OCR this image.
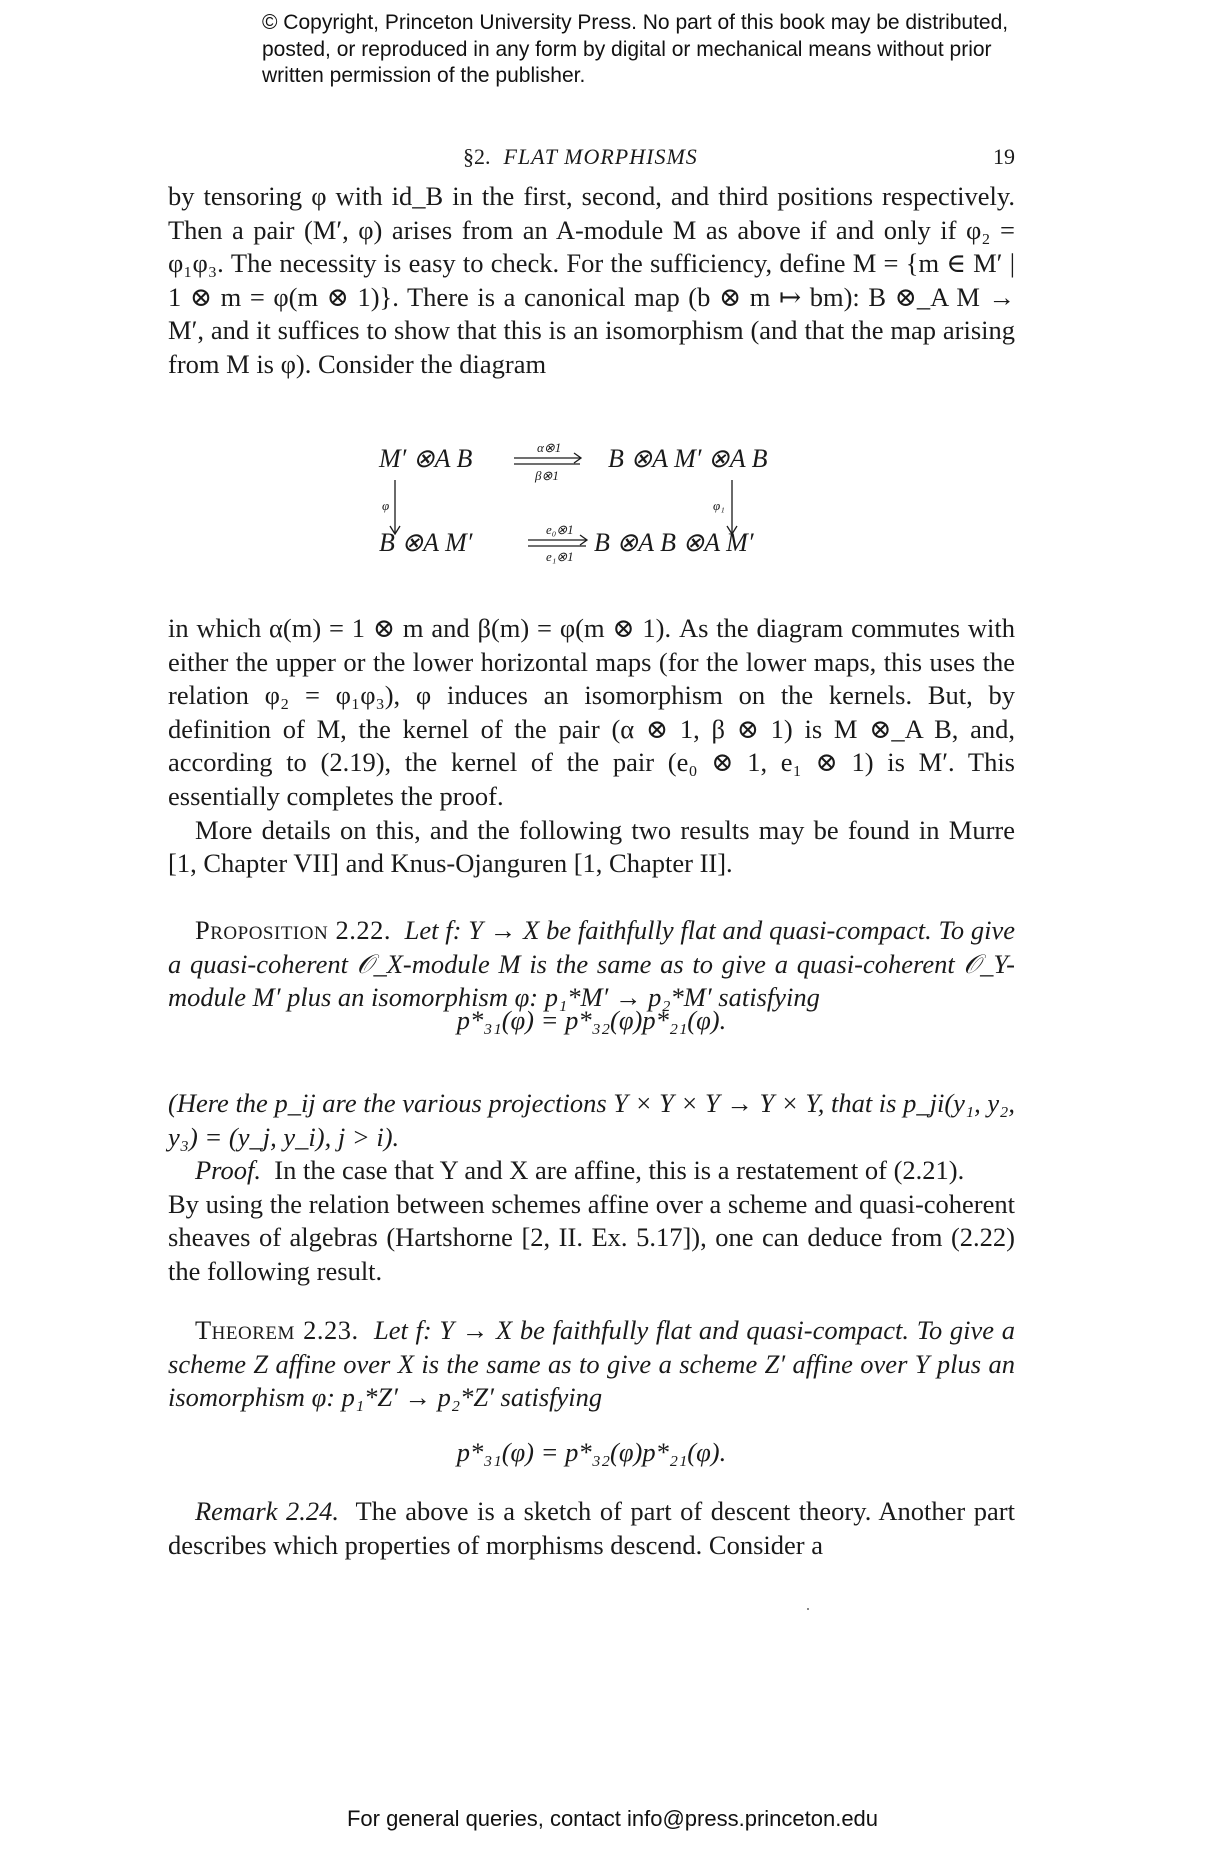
© Copyright, Princeton University Press. No part of this book may be distributed, posted, or reproduced in any form by digital or mechanical means without prior written permission of the publisher.
§2. FLAT MORPHISMS	19

by tensoring φ with id_B in the first, second, and third positions respectively. Then a pair (M′, φ) arises from an A-module M as above if and only if φ₂ = φ₁φ₃. The necessity is easy to check. For the sufficiency, define M = {m ∈ M′ | 1 ⊗ m = φ(m ⊗ 1)}. There is a canonical map (b ⊗ m ↦ bm): B ⊗_A M → M′, and it suffices to show that this is an isomorphism (and that the map arising from M is φ). Consider the diagram

M′ ⊗A B	B ⊗A M′ ⊗A B
B ⊗A M′	B ⊗A B ⊗A M′
α⊗1
β⊗1
e₀⊗1
e₁⊗1
φ	φ₁

in which α(m) = 1 ⊗ m and β(m) = φ(m ⊗ 1). As the diagram commutes with either the upper or the lower horizontal maps (for the lower maps, this uses the relation φ₂ = φ₁φ₃), φ induces an isomorphism on the kernels. But, by definition of M, the kernel of the pair (α ⊗ 1, β ⊗ 1) is M ⊗_A B, and, according to (2.19), the kernel of the pair (e₀ ⊗ 1, e₁ ⊗ 1) is M′. This essentially completes the proof.

More details on this, and the following two results may be found in Murre [1, Chapter VII] and Knus-Ojanguren [1, Chapter II].

Proposition 2.22. Let f: Y → X be faithfully flat and quasi-compact. To give a quasi-coherent 𝒪_X-module M is the same as to give a quasi-coherent 𝒪_Y-module M′ plus an isomorphism φ: p₁*M′ → p₂*M′ satisfying

p*₃₁(φ) = p*₃₂(φ)p*₂₁(φ).

(Here the p_ij are the various projections Y × Y × Y → Y × Y, that is p_ji(y₁, y₂, y₃) = (y_j, y_i), j > i).

Proof. In the case that Y and X are affine, this is a restatement of (2.21).

By using the relation between schemes affine over a scheme and quasi-coherent sheaves of algebras (Hartshorne [2, II. Ex. 5.17]), one can deduce from (2.22) the following result.

Theorem 2.23. Let f: Y → X be faithfully flat and quasi-compact. To give a scheme Z affine over X is the same as to give a scheme Z′ affine over Y plus an isomorphism φ: p₁*Z′ → p₂*Z′ satisfying

p*₃₁(φ) = p*₃₂(φ)p*₂₁(φ).

Remark 2.24. The above is a sketch of part of descent theory. Another part describes which properties of morphisms descend. Consider a

For general queries, contact info@press.princeton.edu
